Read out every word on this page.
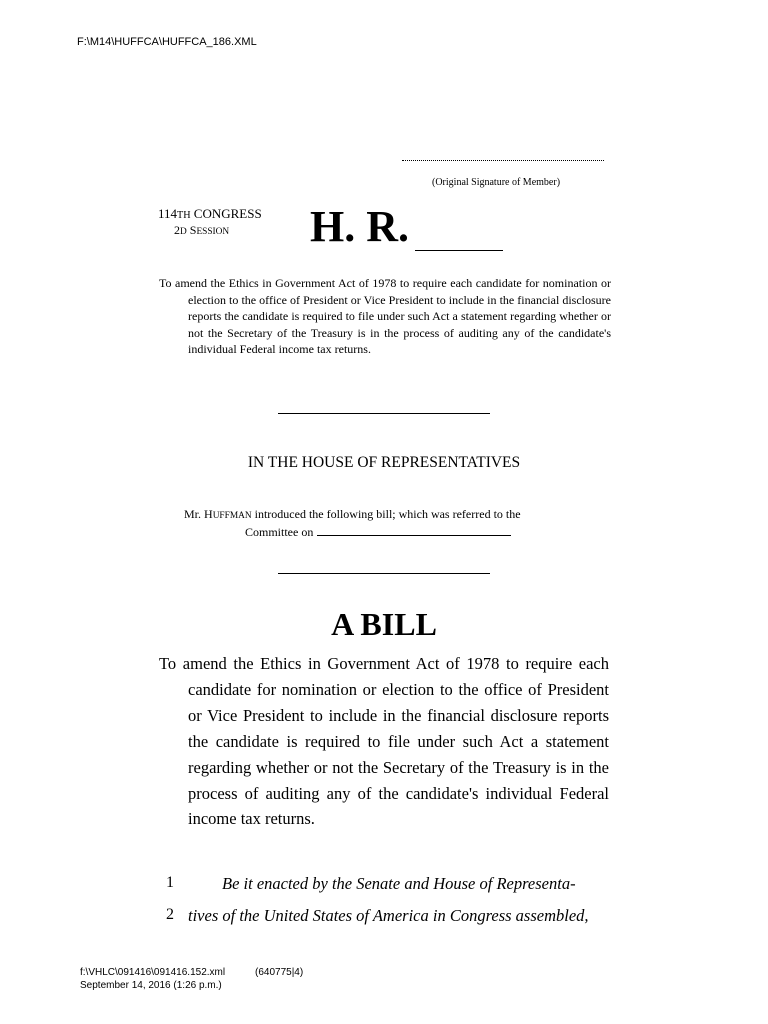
F:\M14\HUFFCA\HUFFCA_186.XML
(Original Signature of Member)
114TH CONGRESS
2D SESSION H. R.
To amend the Ethics in Government Act of 1978 to require each candidate for nomination or election to the office of President or Vice President to include in the financial disclosure reports the candidate is required to file under such Act a statement regarding whether or not the Secretary of the Treasury is in the process of auditing any of the candidate's individual Federal income tax returns.
IN THE HOUSE OF REPRESENTATIVES
Mr. HUFFMAN introduced the following bill; which was referred to the
Committee on
A BILL
To amend the Ethics in Government Act of 1978 to require each candidate for nomination or election to the office of President or Vice President to include in the financial disclosure reports the candidate is required to file under such Act a statement regarding whether or not the Secretary of the Treasury is in the process of auditing any of the candidate's individual Federal income tax returns.
1	Be it enacted by the Senate and House of Representa-
2 tives of the United States of America in Congress assembled,
f:\VHLC\091416\091416.152.xml	(640775|4)
September 14, 2016 (1:26 p.m.)
